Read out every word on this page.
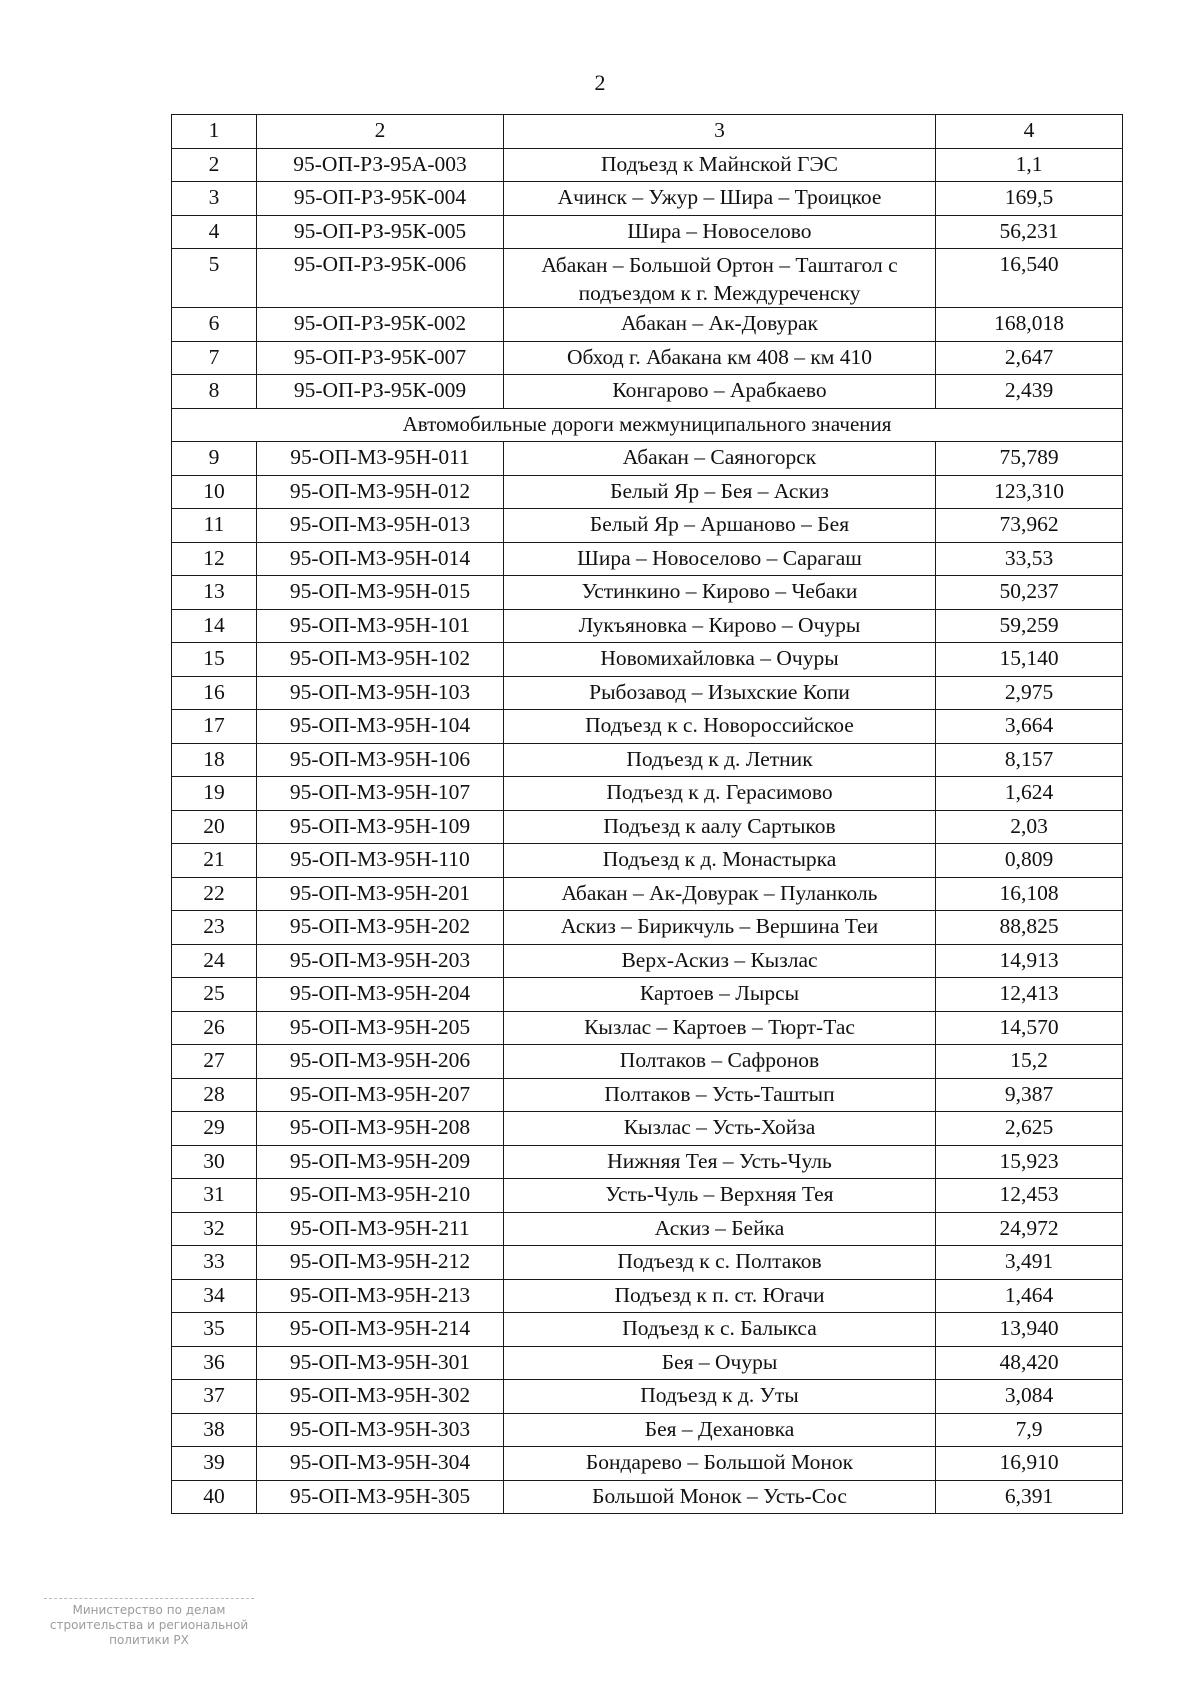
2
1	2	3	4
2	95-ОП-РЗ-95А-003	Подъезд к Майнской ГЭС	1,1
3	95-ОП-РЗ-95К-004	Ачинск – Ужур – Шира – Троицкое	169,5
4	95-ОП-РЗ-95К-005	Шира – Новоселово	56,231
5	95-ОП-РЗ-95К-006	Абакан – Большой Ортон – Таштагол с подъездом к г. Междуреченску	16,540
6	95-ОП-РЗ-95К-002	Абакан – Ак-Довурак	168,018
7	95-ОП-РЗ-95К-007	Обход г. Абакана км 408 – км 410	2,647
8	95-ОП-РЗ-95К-009	Конгарово – Арабкаево	2,439
Автомобильные дороги межмуниципального значения			
9	95-ОП-МЗ-95Н-011	Абакан – Саяногорск	75,789
10	95-ОП-МЗ-95Н-012	Белый Яр – Бея – Аскиз	123,310
11	95-ОП-МЗ-95Н-013	Белый Яр – Аршаново – Бея	73,962
12	95-ОП-МЗ-95Н-014	Шира – Новоселово – Сарагаш	33,53
13	95-ОП-МЗ-95Н-015	Устинкино – Кирово – Чебаки	50,237
14	95-ОП-МЗ-95Н-101	Лукъяновка – Кирово – Очуры	59,259
15	95-ОП-МЗ-95Н-102	Новомихайловка – Очуры	15,140
16	95-ОП-МЗ-95Н-103	Рыбозавод – Изыхские Копи	2,975
17	95-ОП-МЗ-95Н-104	Подъезд к с. Новороссийское	3,664
18	95-ОП-МЗ-95Н-106	Подъезд к д. Летник	8,157
19	95-ОП-МЗ-95Н-107	Подъезд к д. Герасимово	1,624
20	95-ОП-МЗ-95Н-109	Подъезд к аалу Сартыков	2,03
21	95-ОП-МЗ-95Н-110	Подъезд к д. Монастырка	0,809
22	95-ОП-МЗ-95Н-201	Абакан – Ак-Довурак – Пуланколь	16,108
23	95-ОП-МЗ-95Н-202	Аскиз – Бирикчуль – Вершина Теи	88,825
24	95-ОП-МЗ-95Н-203	Верх-Аскиз – Кызлас	14,913
25	95-ОП-МЗ-95Н-204	Картоев – Лырсы	12,413
26	95-ОП-МЗ-95Н-205	Кызлас – Картоев – Тюрт-Тас	14,570
27	95-ОП-МЗ-95Н-206	Полтаков – Сафронов	15,2
28	95-ОП-МЗ-95Н-207	Полтаков – Усть-Таштып	9,387
29	95-ОП-МЗ-95Н-208	Кызлас – Усть-Хойза	2,625
30	95-ОП-МЗ-95Н-209	Нижняя Тея – Усть-Чуль	15,923
31	95-ОП-МЗ-95Н-210	Усть-Чуль – Верхняя Тея	12,453
32	95-ОП-МЗ-95Н-211	Аскиз – Бейка	24,972
33	95-ОП-МЗ-95Н-212	Подъезд к с. Полтаков	3,491
34	95-ОП-МЗ-95Н-213	Подъезд к п. ст. Югачи	1,464
35	95-ОП-МЗ-95Н-214	Подъезд к с. Балыкса	13,940
36	95-ОП-МЗ-95Н-301	Бея – Очуры	48,420
37	95-ОП-МЗ-95Н-302	Подъезд к д. Уты	3,084
38	95-ОП-МЗ-95Н-303	Бея – Дехановка	7,9
39	95-ОП-МЗ-95Н-304	Бондарево – Большой Монок	16,910
40	95-ОП-МЗ-95Н-305	Большой Монок – Усть-Сос	6,391
Министерство по делам
строительства и региональной
политики РХ
